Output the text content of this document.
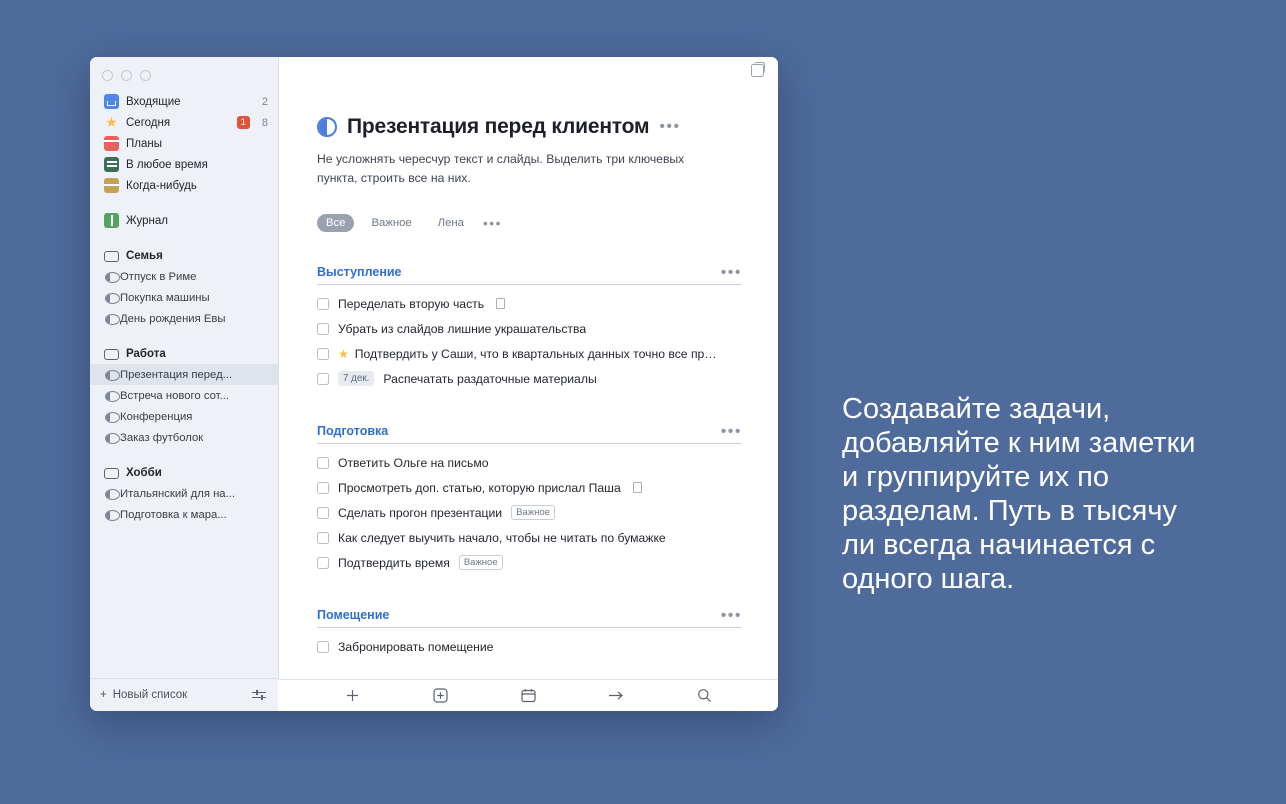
Входящие	2
★ Сегодня	1	8
Планы
В любое время
Когда-нибудь
Журнал
Семья
Отпуск в Риме
Покупка машины
День рождения Евы
Работа
Презентация перед...
Встреча нового сот...
Конференция
Заказ футболок
Хобби
Итальянский для на...
Подготовка к мара...
+ Новый список
Презентация перед клиентом •••
Не усложнять чересчур текст и слайды. Выделить три ключевых пункта, строить все на них.
Все	Важное	Лена	•••
Выступление	•••
Переделать вторую часть
Убрать из слайдов лишние украшательства
★ Подтвердить у Саши, что в квартальных данных точно все пр…
7 дек.	Распечатать раздаточные материалы
Подготовка	•••
Ответить Ольге на письмо
Просмотреть доп. статью, которую прислал Паша
Сделать прогон презентации	Важное
Как следует выучить начало, чтобы не читать по бумажке
Подтвердить время	Важное
Помещение	•••
Забронировать помещение
Создавайте задачи, добавляйте к ним заметки и группируйте их по разделам. Путь в тысячу ли всегда начинается с одного шага.
